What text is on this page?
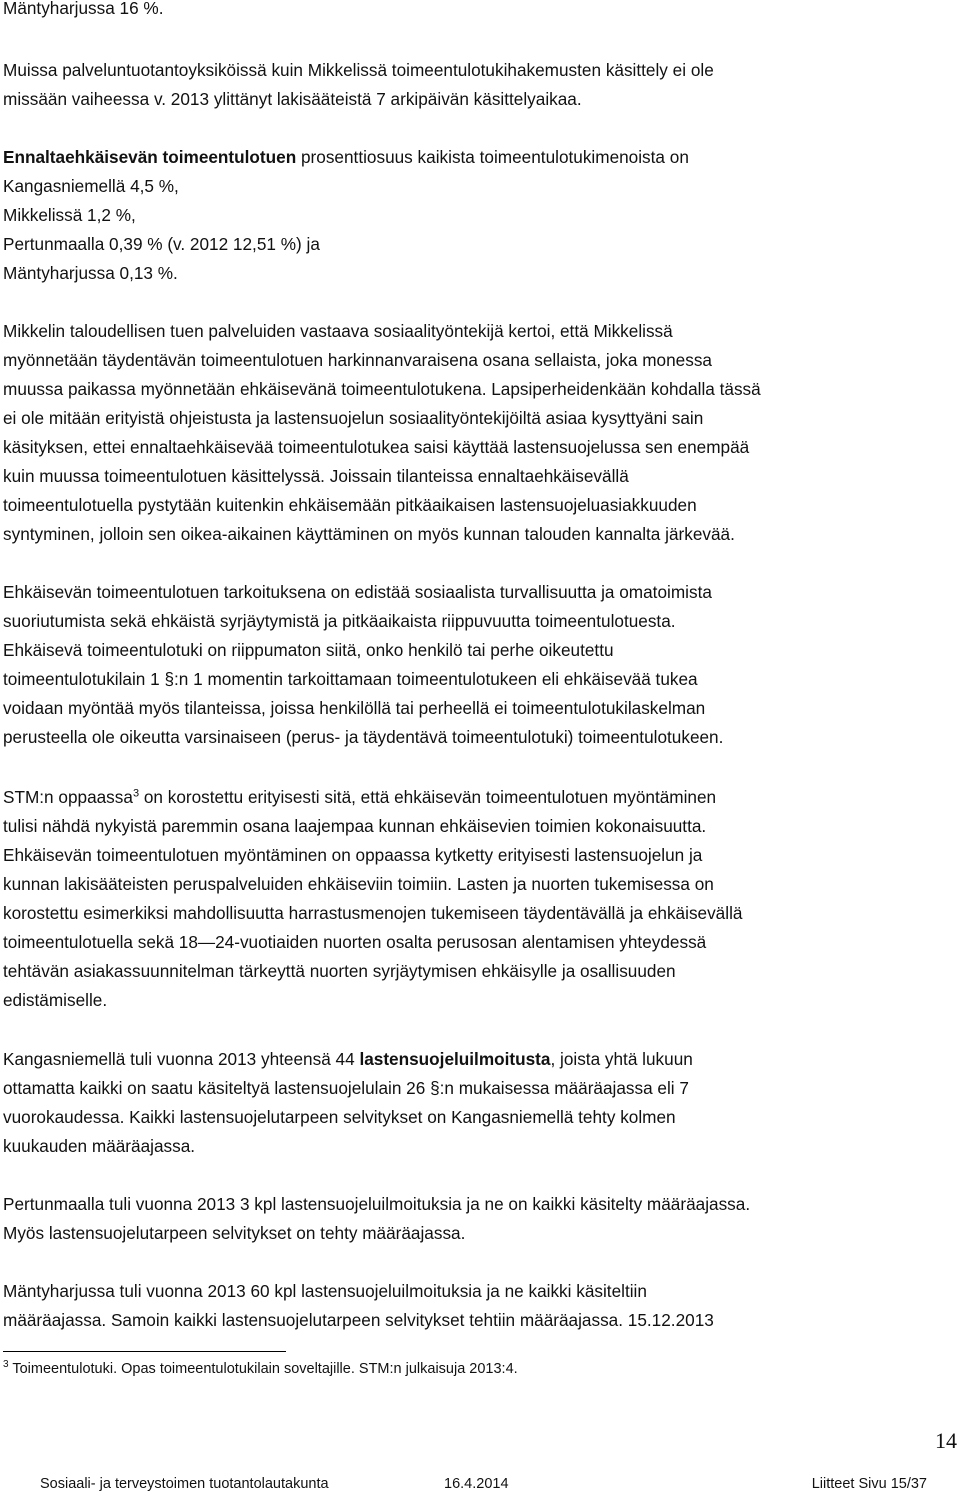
Mäntyharjussa 16 %.
Muissa palveluntuotantoyksiköissä kuin Mikkelissä toimeentulotukihakemusten käsittely ei ole
missään vaiheessa v. 2013 ylittänyt lakisääteistä 7 arkipäivän käsittelyaikaa.
Ennaltaehkäisevän toimeentulotuen prosenttiosuus kaikista toimeentulotukimenoista on
Kangasniemellä 4,5 %,
Mikkelissä 1,2 %,
Pertunmaalla 0,39 % (v. 2012 12,51 %) ja
Mäntyharjussa 0,13 %.
Mikkelin taloudellisen tuen palveluiden vastaava sosiaalityöntekijä kertoi, että Mikkelissä
myönnetään täydentävän toimeentulotuen harkinnanvaraisena osana sellaista, joka monessa
muussa paikassa myönnetään ehkäisevänä toimeentulotukena. Lapsiperheidenkään kohdalla tässä
ei ole mitään erityistä ohjeistusta ja lastensuojelun sosiaalityöntekijöiltä asiaa kysyttyäni sain
käsityksen, ettei ennaltaehkäisevää toimeentulotukea saisi käyttää lastensuojelussa sen enempää
kuin muussa toimeentulotuen käsittelyssä. Joissain tilanteissa ennaltaehkäisevällä
toimeentulotuella pystytään kuitenkin ehkäisemään pitkäaikaisen lastensuojeluasiakkuuden
syntyminen, jolloin sen oikea-aikainen käyttäminen on myös kunnan talouden kannalta järkevää.
Ehkäisevän toimeentulotuen tarkoituksena on edistää sosiaalista turvallisuutta ja omatoimista
suoriutumista sekä ehkäistä syrjäytymistä ja pitkäaikaista riippuvuutta toimeentulotuesta.
Ehkäisevä toimeentulotuki on riippumaton siitä, onko henkilö tai perhe oikeutettu
toimeentulotukilain 1 §:n 1 momentin tarkoittamaan toimeentulotukeen eli ehkäisevää tukea
voidaan myöntää myös tilanteissa, joissa henkilöllä tai perheellä ei toimeentulotukilaskelman
perusteella ole oikeutta varsinaiseen (perus- ja täydentävä toimeentulotuki) toimeentulotukeen.
STM:n oppaassa$^3$ on korostettu erityisesti sitä, että ehkäisevän toimeentulotuen myöntäminen
tulisi nähdä nykyistä paremmin osana laajempaa kunnan ehkäisevien toimien kokonaisuutta.
Ehkäisevän toimeentulotuen myöntäminen on oppaassa kytketty erityisesti lastensuojelun ja
kunnan lakisääteisten peruspalveluiden ehkäiseviin toimiin. Lasten ja nuorten tukemisessa on
korostettu esimerkiksi mahdollisuutta harrastusmenojen tukemiseen täydentävällä ja ehkäisevällä
toimeentulotuella sekä 18—24-vuotiaiden nuorten osalta perusosan alentamisen yhteydessä
tehtävän asiakassuunnitelman tärkeyttä nuorten syrjäytymisen ehkäisylle ja osallisuuden
edistämiselle.
Kangasniemellä tuli vuonna 2013 yhteensä 44 lastensuojeluilmoitusta, joista yhtä lukuun
ottamatta kaikki on saatu käsiteltyä lastensuojelulain 26 §:n mukaisessa määräajassa eli 7
vuorokaudessa. Kaikki lastensuojelutarpeen selvitykset on Kangasniemellä tehty kolmen
kuukauden määräajassa.
Pertunmaalla tuli vuonna 2013 3 kpl lastensuojeluilmoituksia ja ne on kaikki käsitelty määräajassa.
Myös lastensuojelutarpeen selvitykset on tehty määräajassa.
Mäntyharjussa tuli vuonna 2013 60 kpl lastensuojeluilmoituksia ja ne kaikki käsiteltiin
määräajassa. Samoin kaikki lastensuojelutarpeen selvitykset tehtiin määräajassa. 15.12.2013
$^3$ Toimeentulotuki. Opas toimeentulotukilain soveltajille. STM:n julkaisuja 2013:4.
14
Sosiaali- ja terveystoimen tuotantolautakunta	16.4.2014	Liitteet Sivu 15/37
